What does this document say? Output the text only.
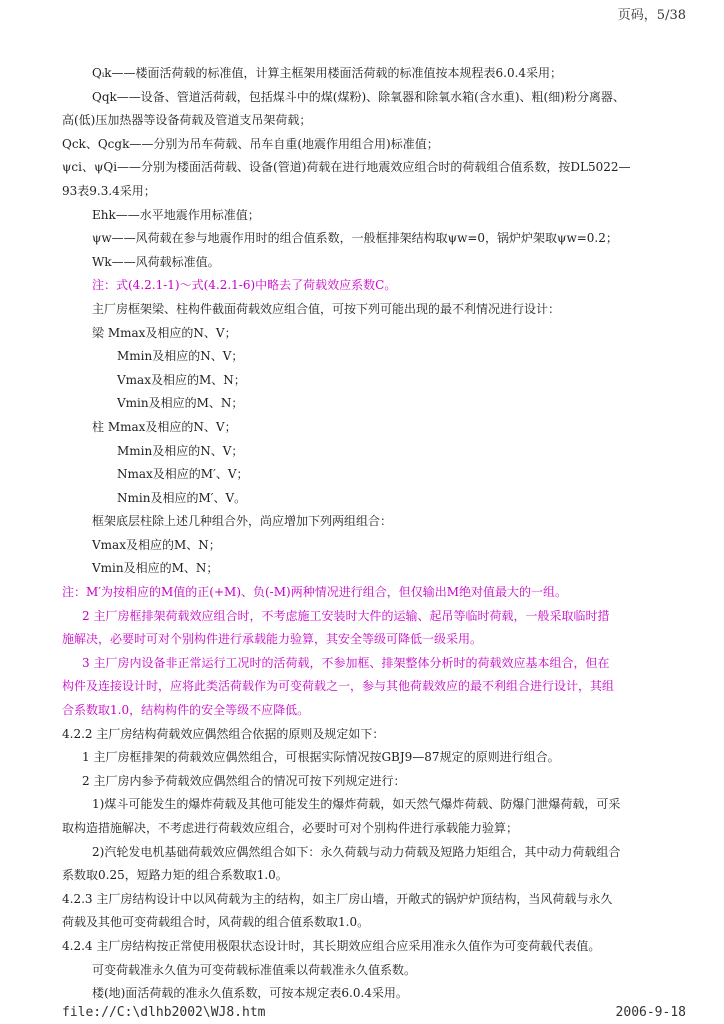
页码，5/38
Qᵢk——楼面活荷载的标准值，计算主框架用楼面活荷载的标准值按本规程表6.0.4采用；
Qqk——设备、管道活荷载，包括煤斗中的煤(煤粉)、除氧器和除氧水箱(含水重)、粗(细)粉分离器、
高(低)压加热器等设备荷载及管道支吊架荷载；
Qck、Qcgk——分别为吊车荷载、吊车自重(地震作用组合用)标准值；
ψci、ψQi——分别为楼面活荷载、设备(管道)荷载在进行地震效应组合时的荷载组合值系数，按DL5022—
93表9.3.4采用；
Ehk——水平地震作用标准值；
ψw——风荷载在参与地震作用时的组合值系数，一般框排架结构取ψw=0，锅炉炉架取ψw=0.2；
Wk——风荷载标准值。
注：式(4.2.1-1)～式(4.2.1-6)中略去了荷载效应系数C。
主厂房框架梁、柱构件截面荷载效应组合值，可按下列可能出现的最不利情况进行设计：
梁 Mmax及相应的N、V；
Mmin及相应的N、V；
Vmax及相应的M、N；
Vmin及相应的M、N；
柱 Mmax及相应的N、V；
Mmin及相应的N、V；
Nmax及相应的M′、V；
Nmin及相应的M′、V。
框架底层柱除上述几种组合外，尚应增加下列两组组合：
Vmax及相应的M、N；
Vmin及相应的M、N；
注：M′为按相应的M值的正(+M)、负(-M)两种情况进行组合，但仅输出M绝对值最大的一组。
2 主厂房框排架荷载效应组合时，不考虑施工安装时大件的运输、起吊等临时荷载，一般采取临时措
施解决，必要时可对个别构件进行承载能力验算，其安全等级可降低一级采用。
3 主厂房内设备非正常运行工况时的活荷载，不参加框、排架整体分析时的荷载效应基本组合，但在
构件及连接设计时，应将此类活荷载作为可变荷载之一，参与其他荷载效应的最不利组合进行设计，其组
合系数取1.0，结构构件的安全等级不应降低。
4.2.2 主厂房结构荷载效应偶然组合依据的原则及规定如下：
1 主厂房框排架的荷载效应偶然组合，可根据实际情况按GBJ9—87规定的原则进行组合。
2 主厂房内参予荷载效应偶然组合的情况可按下列规定进行：
1)煤斗可能发生的爆炸荷载及其他可能发生的爆炸荷载，如天然气爆炸荷载、防爆门泄爆荷载，可采
取构造措施解决，不考虑进行荷载效应组合，必要时可对个别构件进行承载能力验算；
2)汽轮发电机基础荷载效应偶然组合如下：永久荷载与动力荷载及短路力矩组合，其中动力荷载组合
系数取0.25，短路力矩的组合系数取1.0。
4.2.3 主厂房结构设计中以风荷载为主的结构，如主厂房山墙，开敞式的锅炉炉顶结构，当风荷载与永久
荷载及其他可变荷载组合时，风荷载的组合值系数取1.0。
4.2.4 主厂房结构按正常使用极限状态设计时，其长期效应组合应采用准永久值作为可变荷载代表值。
可变荷载准永久值为可变荷载标准值乘以荷载准永久值系数。
楼(地)面活荷载的准永久值系数，可按本规定表6.0.4采用。
file://C:\dlhb2002\WJ8.htm	2006-9-18
